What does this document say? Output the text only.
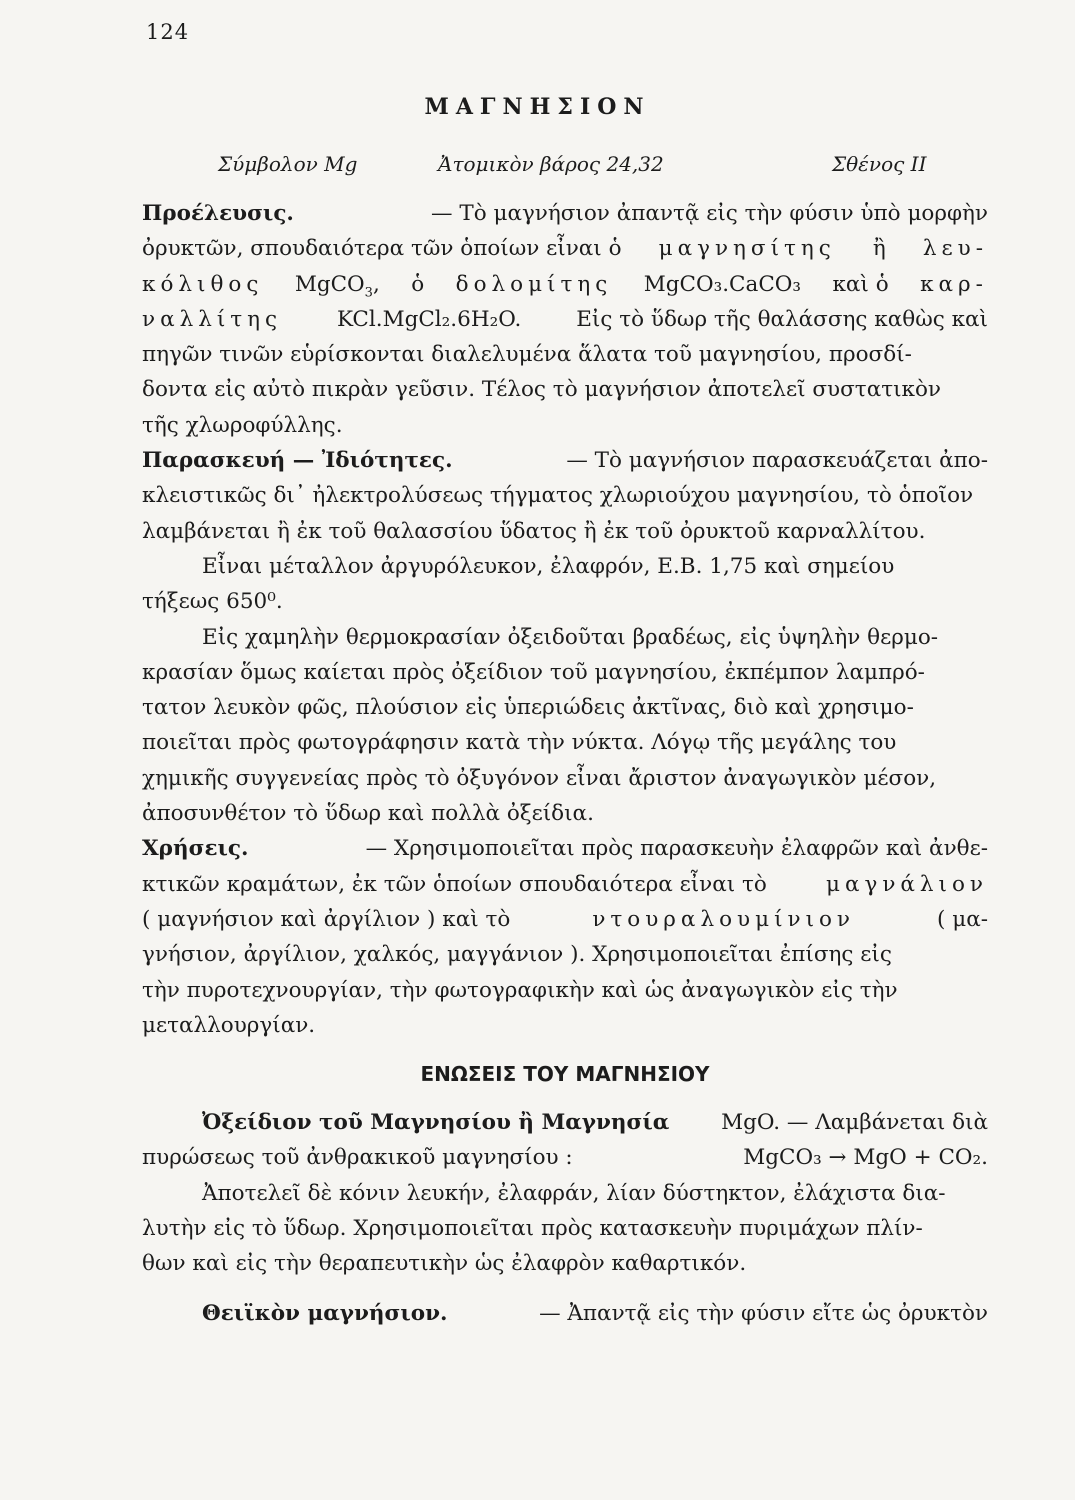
124
ΜΑΓΝΗΣΙΟΝ
Σύμβολον Mg	Ἀτομικὸν βάρος 24,32	Σθένος II
Προέλευσις.	— Τὸ μαγνήσιον ἀπαντᾷ εἰς τὴν φύσιν ὑπὸ μορφὴν
ὀρυκτῶν, σπουδαιότερα τῶν ὁποίων εἶναι ὁ μαγνησίτης ἢ λευ-
κόλιθος MgCO$_3$, ὁ δολομίτης MgCO₃.CaCO₃ καὶ ὁ καρ-
ναλλίτης	KCl.MgCl₂.6H₂O.	Εἰς τὸ ὕδωρ τῆς θαλάσσης καθὼς καὶ
πηγῶν τινῶν εὑρίσκονται διαλελυμένα ἅλατα τοῦ μαγνησίου, προσδί-
δοντα εἰς αὐτὸ πικρὰν γεῦσιν. Τέλος τὸ μαγνήσιον ἀποτελεῖ συστατικὸν
τῆς χλωροφύλλης.
Παρασκευή — Ἰδιότητες.	— Τὸ μαγνήσιον παρασκευάζεται ἀπο-
κλειστικῶς δι᾽ ἠλεκτρολύσεως τήγματος χλωριούχου μαγνησίου, τὸ ὁποῖον
λαμβάνεται ἢ ἐκ τοῦ θαλασσίου ὕδατος ἢ ἐκ τοῦ ὀρυκτοῦ καρναλλίτου.
Εἶναι μέταλλον ἀργυρόλευκον, ἐλαφρόν, Ε.Β. 1,75 καὶ σημείου
τήξεως 650⁰.
Εἰς χαμηλὴν θερμοκρασίαν ὀξειδοῦται βραδέως, εἰς ὑψηλὴν θερμο-
κρασίαν ὅμως καίεται πρὸς ὀξείδιον τοῦ μαγνησίου, ἐκπέμπον λαμπρό-
τατον λευκὸν φῶς, πλούσιον εἰς ὑπεριώδεις ἀκτῖνας, διὸ καὶ χρησιμο-
ποιεῖται πρὸς φωτογράφησιν κατὰ τὴν νύκτα. Λόγῳ τῆς μεγάλης του
χημικῆς συγγενείας πρὸς τὸ ὀξυγόνον εἶναι ἄριστον ἀναγωγικὸν μέσον,
ἀποσυνθέτον τὸ ὕδωρ καὶ πολλὰ ὀξείδια.
Χρήσεις.	— Χρησιμοποιεῖται πρὸς παρασκευὴν ἐλαφρῶν καὶ ἀνθε-
κτικῶν κραμάτων, ἐκ τῶν ὁποίων σπουδαιότερα εἶναι τὸ	μαγνάλιον
( μαγνήσιον καὶ ἀργίλιον ) καὶ τὸ	ντουραλουμίνιον	( μα-
γνήσιον, ἀργίλιον, χαλκός, μαγγάνιον ). Χρησιμοποιεῖται ἐπίσης εἰς
τὴν πυροτεχνουργίαν, τὴν φωτογραφικὴν καὶ ὡς ἀναγωγικὸν εἰς τὴν
μεταλλουργίαν.
ΕΝΩΣΕΙΣ ΤΟΥ ΜΑΓΝΗΣΙΟΥ
Ὀξείδιον τοῦ Μαγνησίου ἢ Μαγνησία MgO. — Λαμβάνεται διὰ
πυρώσεως τοῦ ἀνθρακικοῦ μαγνησίου :	MgCO₃ → MgO + CO₂.
Ἀποτελεῖ δὲ κόνιν λευκήν, ἐλαφράν, λίαν δύστηκτον, ἐλάχιστα δια-
λυτὴν εἰς τὸ ὕδωρ. Χρησιμοποιεῖται πρὸς κατασκευὴν πυριμάχων πλίν-
θων καὶ εἰς τὴν θεραπευτικὴν ὡς ἐλαφρὸν καθαρτικόν.
Θειϊκὸν μαγνήσιον.	— Ἀπαντᾷ εἰς τὴν φύσιν εἴτε ὡς ὀρυκτὸν
